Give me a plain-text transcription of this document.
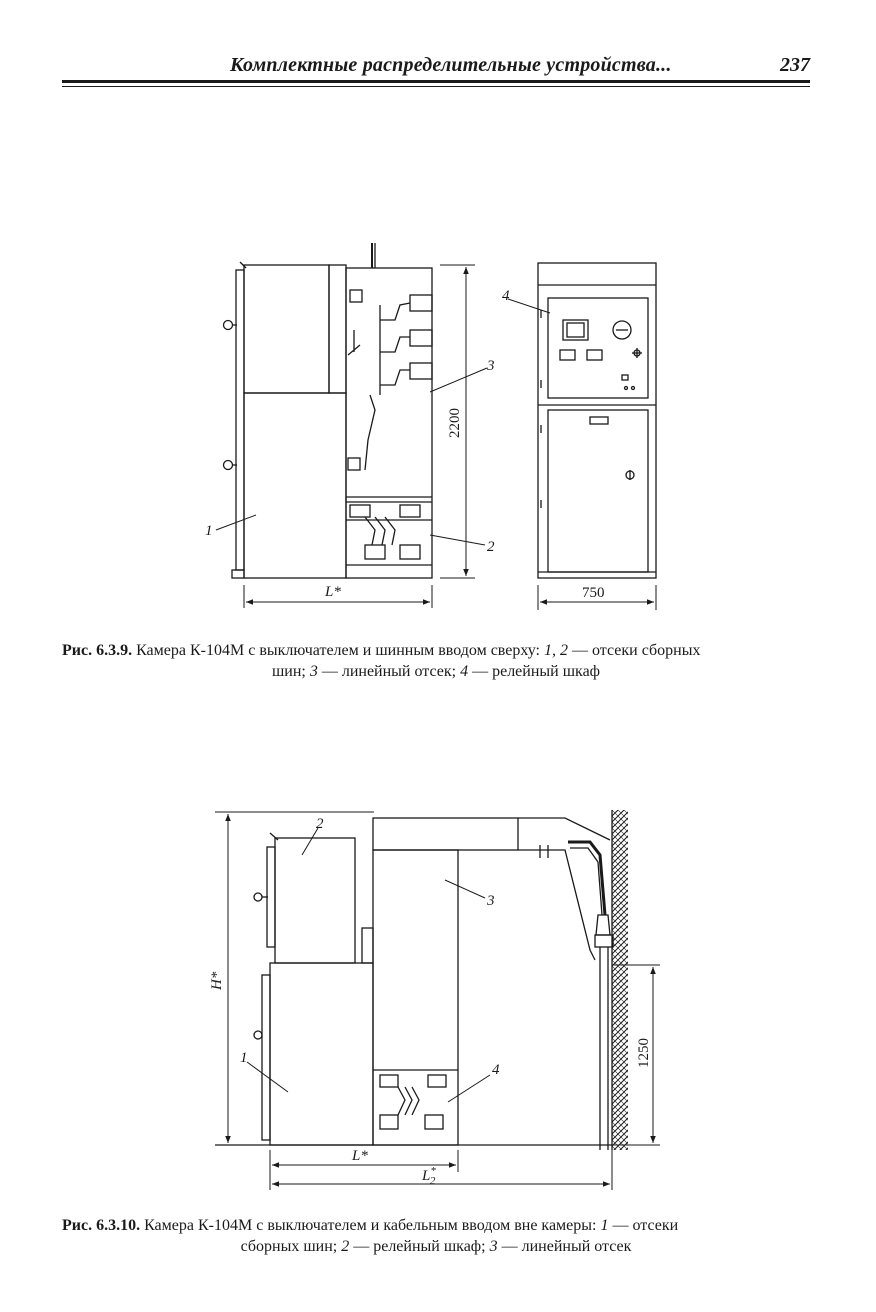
Комплектные распределительные устройства...	237
1
2
3
4
2200
L*	750
1
2
3
4
H*
1250
L*
L* 2
Рис. 6.3.9. Камера К-104М с выключателем и шинным вводом сверху: 1, 2 — отсеки сборных
шин; 3 — линейный отсек; 4 — релейный шкаф
Рис. 6.3.10. Камера К-104М с выключателем и кабельным вводом вне камеры: 1 — отсеки
сборных шин; 2 — релейный шкаф; 3 — линейный отсек
